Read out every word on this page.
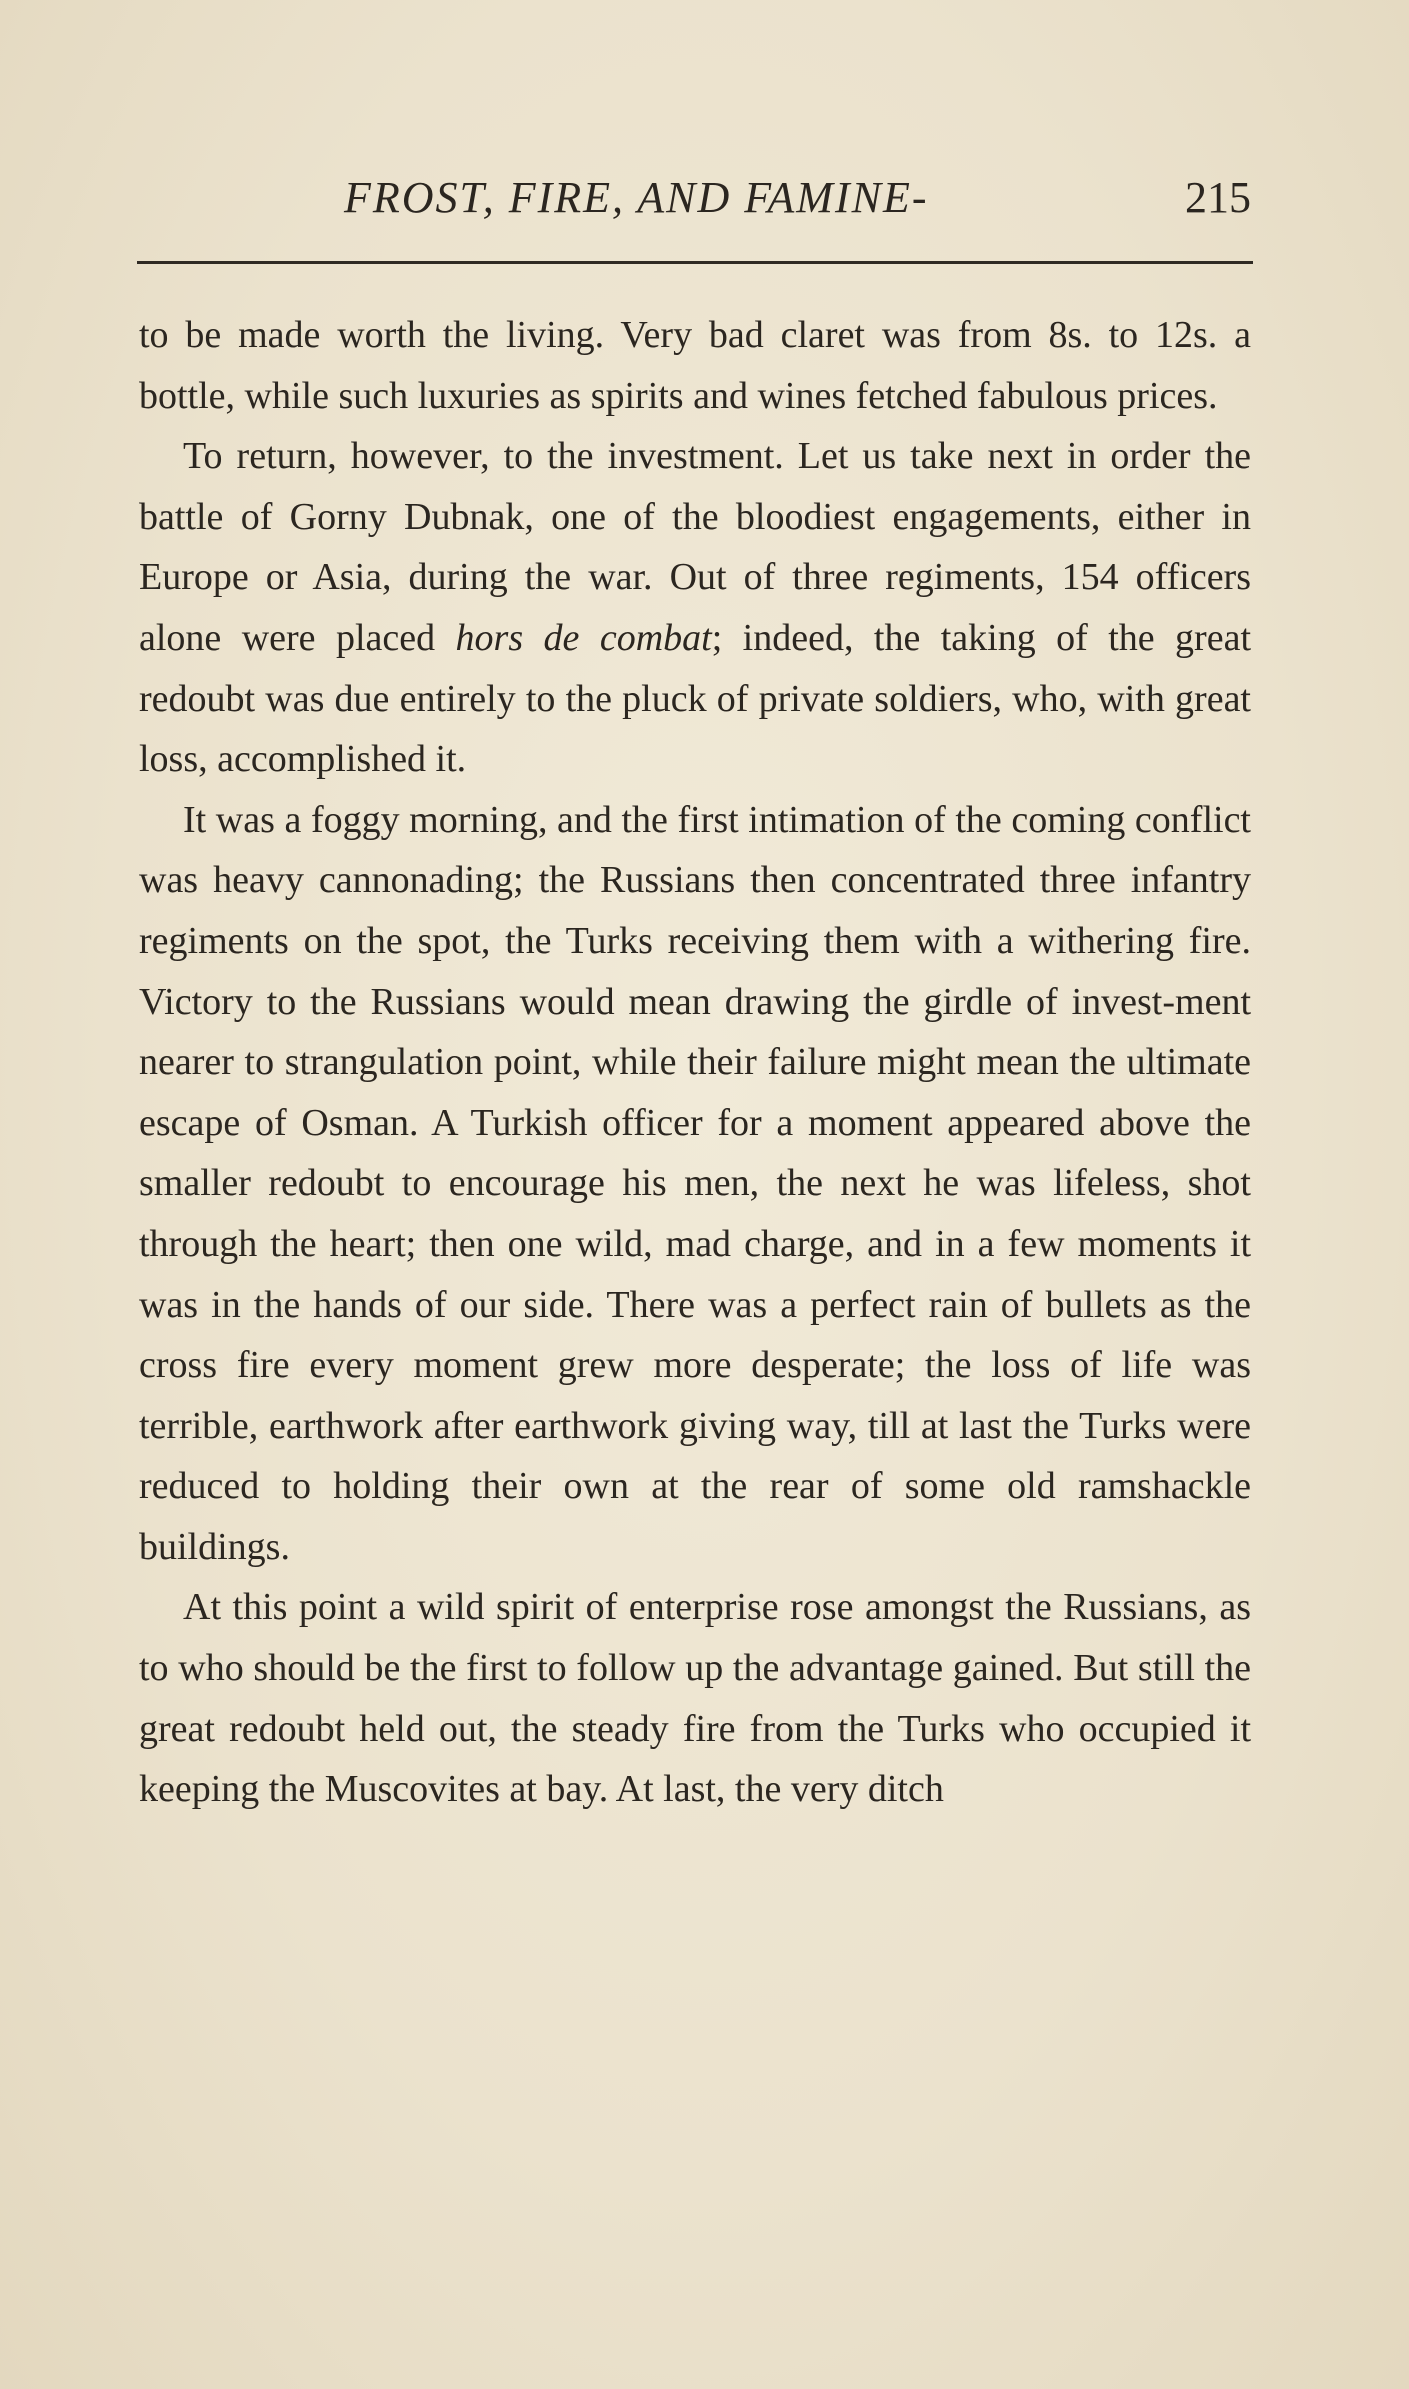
FROST, FIRE, AND FAMINE-	215

to be made worth the living. Very bad claret was from 8s. to 12s. a bottle, while such luxuries as spirits and wines fetched fabulous prices.

To return, however, to the investment. Let us take next in order the battle of Gorny Dubnak, one of the bloodiest engagements, either in Europe or Asia, during the war. Out of three regiments, 154 officers alone were placed hors de combat; indeed, the taking of the great redoubt was due entirely to the pluck of private soldiers, who, with great loss, accomplished it.

It was a foggy morning, and the first intimation of the coming conflict was heavy cannonading; the Russians then concentrated three infantry regiments on the spot, the Turks receiving them with a withering fire. Victory to the Russians would mean drawing the girdle of invest-ment nearer to strangulation point, while their failure might mean the ultimate escape of Osman. A Turkish officer for a moment appeared above the smaller redoubt to encourage his men, the next he was lifeless, shot through the heart; then one wild, mad charge, and in a few moments it was in the hands of our side. There was a perfect rain of bullets as the cross fire every moment grew more desperate; the loss of life was terrible, earthwork after earthwork giving way, till at last the Turks were reduced to holding their own at the rear of some old ramshackle buildings.

At this point a wild spirit of enterprise rose amongst the Russians, as to who should be the first to follow up the advantage gained. But still the great redoubt held out, the steady fire from the Turks who occupied it keeping the Muscovites at bay. At last, the very ditch
